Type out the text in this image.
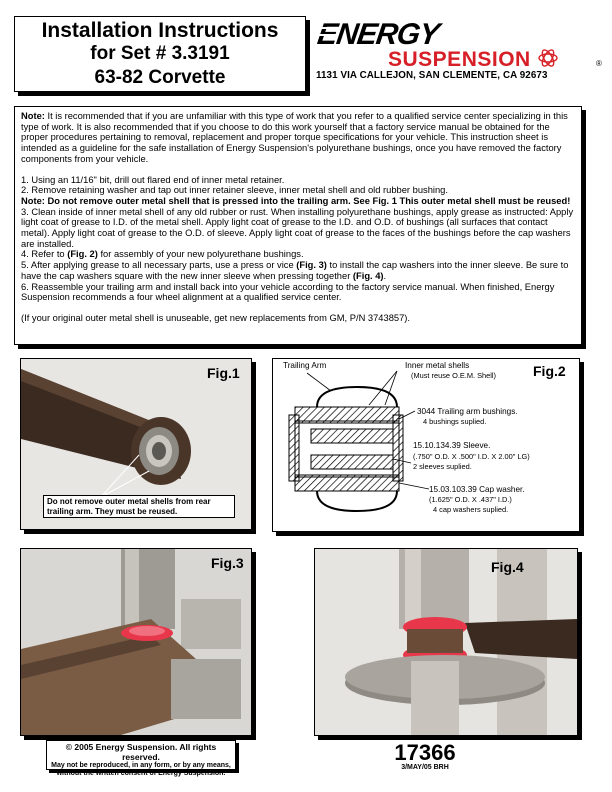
Installation Instructions
for Set # 3.3191
63-82 Corvette
ENERGY
SUSPENSION	®
1131 VIA CALLEJON, SAN CLEMENTE, CA 92673

Note: It is recommended that if you are unfamiliar with this type of work that you refer to a qualified service center specializing in this type of work. It is also recommended that if you choose to do this work yourself that a factory service manual be obtained for the proper procedures pertaining to removal, replacement and proper torque specifications for your vehicle. This instruction sheet is intended as a guideline for the safe installation of Energy Suspension's polyurethane bushings, once you have removed the factory components from your vehicle.

1. Using an 11/16" bit, drill out flared end of inner metal retainer.

2. Remove retaining washer and tap out inner retainer sleeve, inner metal shell and old rubber bushing.

Note: Do not remove outer metal shell that is pressed into the trailing arm. See Fig. 1 This outer metal shell must be reused!

3. Clean inside of inner metal shell of any old rubber or rust. When installing polyurethane bushings, apply grease as instructed: Apply light coat of grease to I.D. of the metal shell. Apply light coat of grease to the I.D. and O.D. of bushings (all surfaces that contact metal). Apply light coat of grease to the O.D. of sleeve. Apply light coat of grease to the faces of the bushings before the cap washers are installed.

4. Refer to (Fig. 2) for assembly of your new polyurethane bushings.

5. After applying grease to all necessary parts, use a press or vice (Fig. 3) to install the cap washers into the inner sleeve. Be sure to have the cap washers square with the new inner sleeve when pressing together (Fig. 4).

6. Reassemble your trailing arm and install back into your vehicle according to the factory service manual. When finished, Energy Suspension recommends a four wheel alignment at a qualified service center.

(If your original outer metal shell is unuseable, get new replacements from GM, P/N 3743857).

Fig.1
Do not remove outer metal shells from rear trailing arm. They must be reused.
Fig.2
Trailing Arm	Inner metal shells
(Must reuse O.E.M. Shell)
3044 Trailing arm bushings.
4 bushings suplied.
15.10.134.39 Sleeve.
(.750" O.D. X .500" I.D. X 2.00" LG)
2 sleeves suplied.
15.03.103.39 Cap washer.
(1.625" O.D. X .437" I.D.)
4 cap washers suplied.
Fig.3	Fig.4
© 2005 Energy Suspension. All rights reserved.
May not be reproduced, in any form, or by any means,
without the written consent of Energy Suspension.
17366
3/MAY/05 BRH
